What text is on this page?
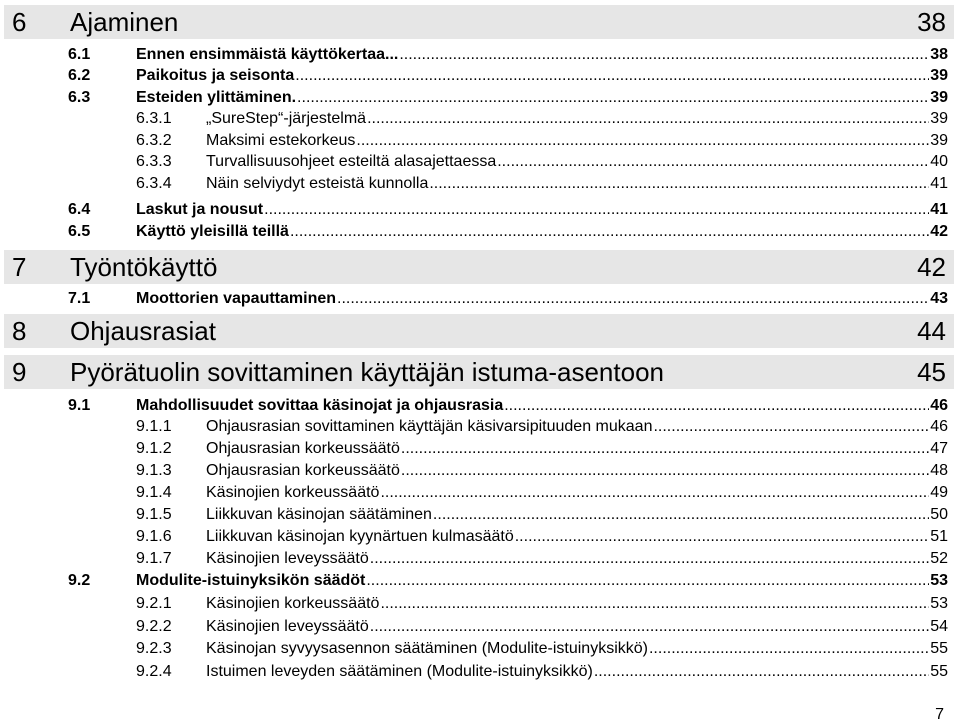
6 Ajaminen	38
6.1	Ennen ensimmäistä käyttökertaa... .....	38
6.2	Paikoitus ja seisonta .....	39
6.3	Esteiden ylittäminen. .....	39
6.3.1	„SureStep“-järjestelmä .....	39
6.3.2	Maksimi estekorkeus .....	39
6.3.3	Turvallisuusohjeet esteiltä alasajettaessa .....	40
6.3.4	Näin selviydyt esteistä kunnolla .....	41
6.4	Laskut ja nousut .....	41
6.5	Käyttö yleisillä teillä .....	42
7 Työntökäyttö	42
7.1	Moottorien vapauttaminen .....	43
8 Ohjausrasiat	44
9 Pyörätuolin sovittaminen käyttäjän istuma-asentoon	45
9.1	Mahdollisuudet sovittaa käsinojat ja ohjausrasia .....	46
9.1.1	Ohjausrasian sovittaminen käyttäjän käsivarsipituuden mukaan .....	46
9.1.2	Ohjausrasian korkeussäätö .....	47
9.1.3	Ohjausrasian korkeussäätö .....	48
9.1.4	Käsinojien korkeussäätö .....	49
9.1.5	Liikkuvan käsinojan säätäminen .....	50
9.1.6	Liikkuvan käsinojan kyynärtuen kulmasäätö .....	51
9.1.7	Käsinojien leveyssäätö .....	52
9.2	Modulite-istuinyksikön säädöt .....	53
9.2.1	Käsinojien korkeussäätö .....	53
9.2.2	Käsinojien leveyssäätö .....	54
9.2.3	Käsinojan syvyysasennon säätäminen (Modulite-istuinyksikkö) .....	55
9.2.4	Istuimen leveyden säätäminen (Modulite-istuinyksikkö) .....	55
7
